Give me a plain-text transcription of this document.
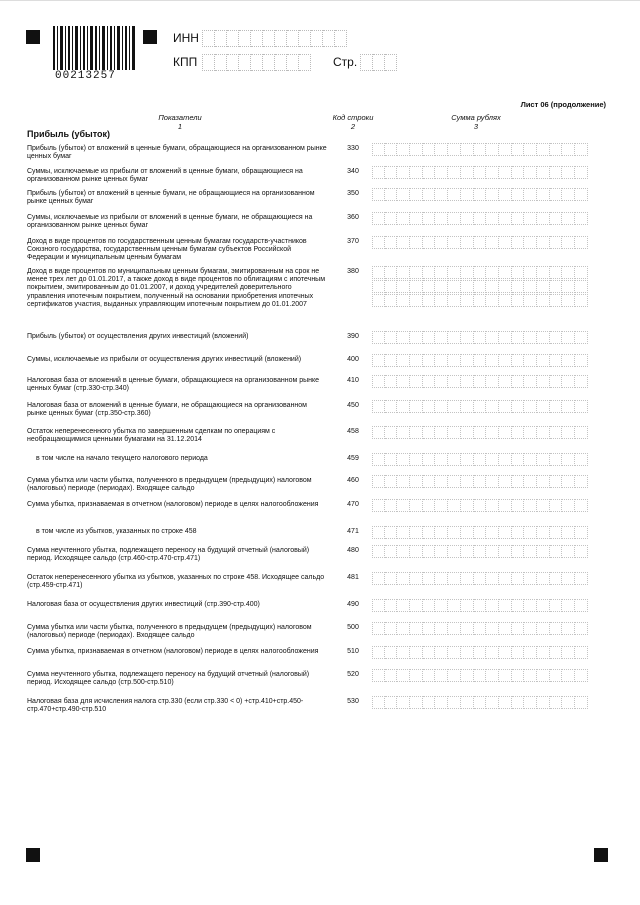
00213257
ИНН
КПП	Стр.
Лист 06 (продолжение)
Показатели
1
Код строки
2
Сумма рублях
3
Прибыль (убыток)
Прибыль (убыток) от вложений в ценные бумаги, обращающиеся на организованном рынке ценных бумаг
330
Суммы, исключаемые из прибыли от вложений в ценные бумаги, обращающиеся на организованном рынке ценных бумаг
340
Прибыль (убыток) от вложений в ценные бумаги, не обращающиеся на организованном рынке ценных бумаг
350
Суммы, исключаемые из прибыли от вложений в ценные бумаги, не обращающиеся на организованном рынке ценных бумаг
360
Доход в виде процентов по государственным ценным бумагам государств-участников Союзного государства, государственным ценным бумагам субъектов Российской Федерации и муниципальным ценным бумагам
370
Доход в виде процентов по муниципальным ценным бумагам, эмитированным на срок не менее трех лет до 01.01.2017, а также доход в виде процентов по облигациям с ипотечным покрытием, эмитированным до 01.01.2007, и доход учредителей доверительного управления ипотечным покрытием, полученный на основании приобретения ипотечных сертификатов участия, выданных управляющим ипотечным покрытием до 01.01.2007
380
Прибыль (убыток) от осуществления других инвестиций (вложений)	390
Суммы, исключаемые из прибыли от осуществления других инвестиций (вложений)	400
Налоговая база от вложений в ценные бумаги, обращающиеся на организованном рынке ценных бумаг (стр.330-стр.340)
410
Налоговая база от вложений в ценные бумаги, не обращающиеся на организованном рынке ценных бумаг (стр.350-стр.360)
450
Остаток неперенесенного убытка по завершенным сделкам по операциям с необращающимися ценными бумагами на 31.12.2014
458
в том числе на начало текущего налогового периода	459
Сумма убытка или части убытка, полученного в предыдущем (предыдущих) налоговом (налоговых) периоде (периодах). Входящее сальдо
460
Сумма убытка, признаваемая в отчетном (налоговом) периоде в целях налогообложения	470
в том числе из убытков, указанных по строке 458	471
Сумма неучтенного убытка, подлежащего переносу на будущий отчетный (налоговый) период. Исходящее сальдо (стр.460-стр.470-стр.471)
480
Остаток неперенесенного убытка из убытков, указанных по строке 458. Исходящее сальдо (стр.459-стр.471)
481
Налоговая база от осуществления других инвестиций (стр.390-стр.400)	490
Сумма убытка или части убытка, полученного в предыдущем (предыдущих) налоговом (налоговых) периоде (периодах). Входящее сальдо
500
Сумма убытка, признаваемая в отчетном (налоговом) периоде в целях налогообложения	510
Сумма неучтенного убытка, подлежащего переносу на будущий отчетный (налоговый) период. Исходящее сальдо (стр.500-стр.510)
520
Налоговая база для исчисления налога стр.330 (если стр.330 < 0) +стр.410+стр.450-стр.470+стр.490-стр.510
530
